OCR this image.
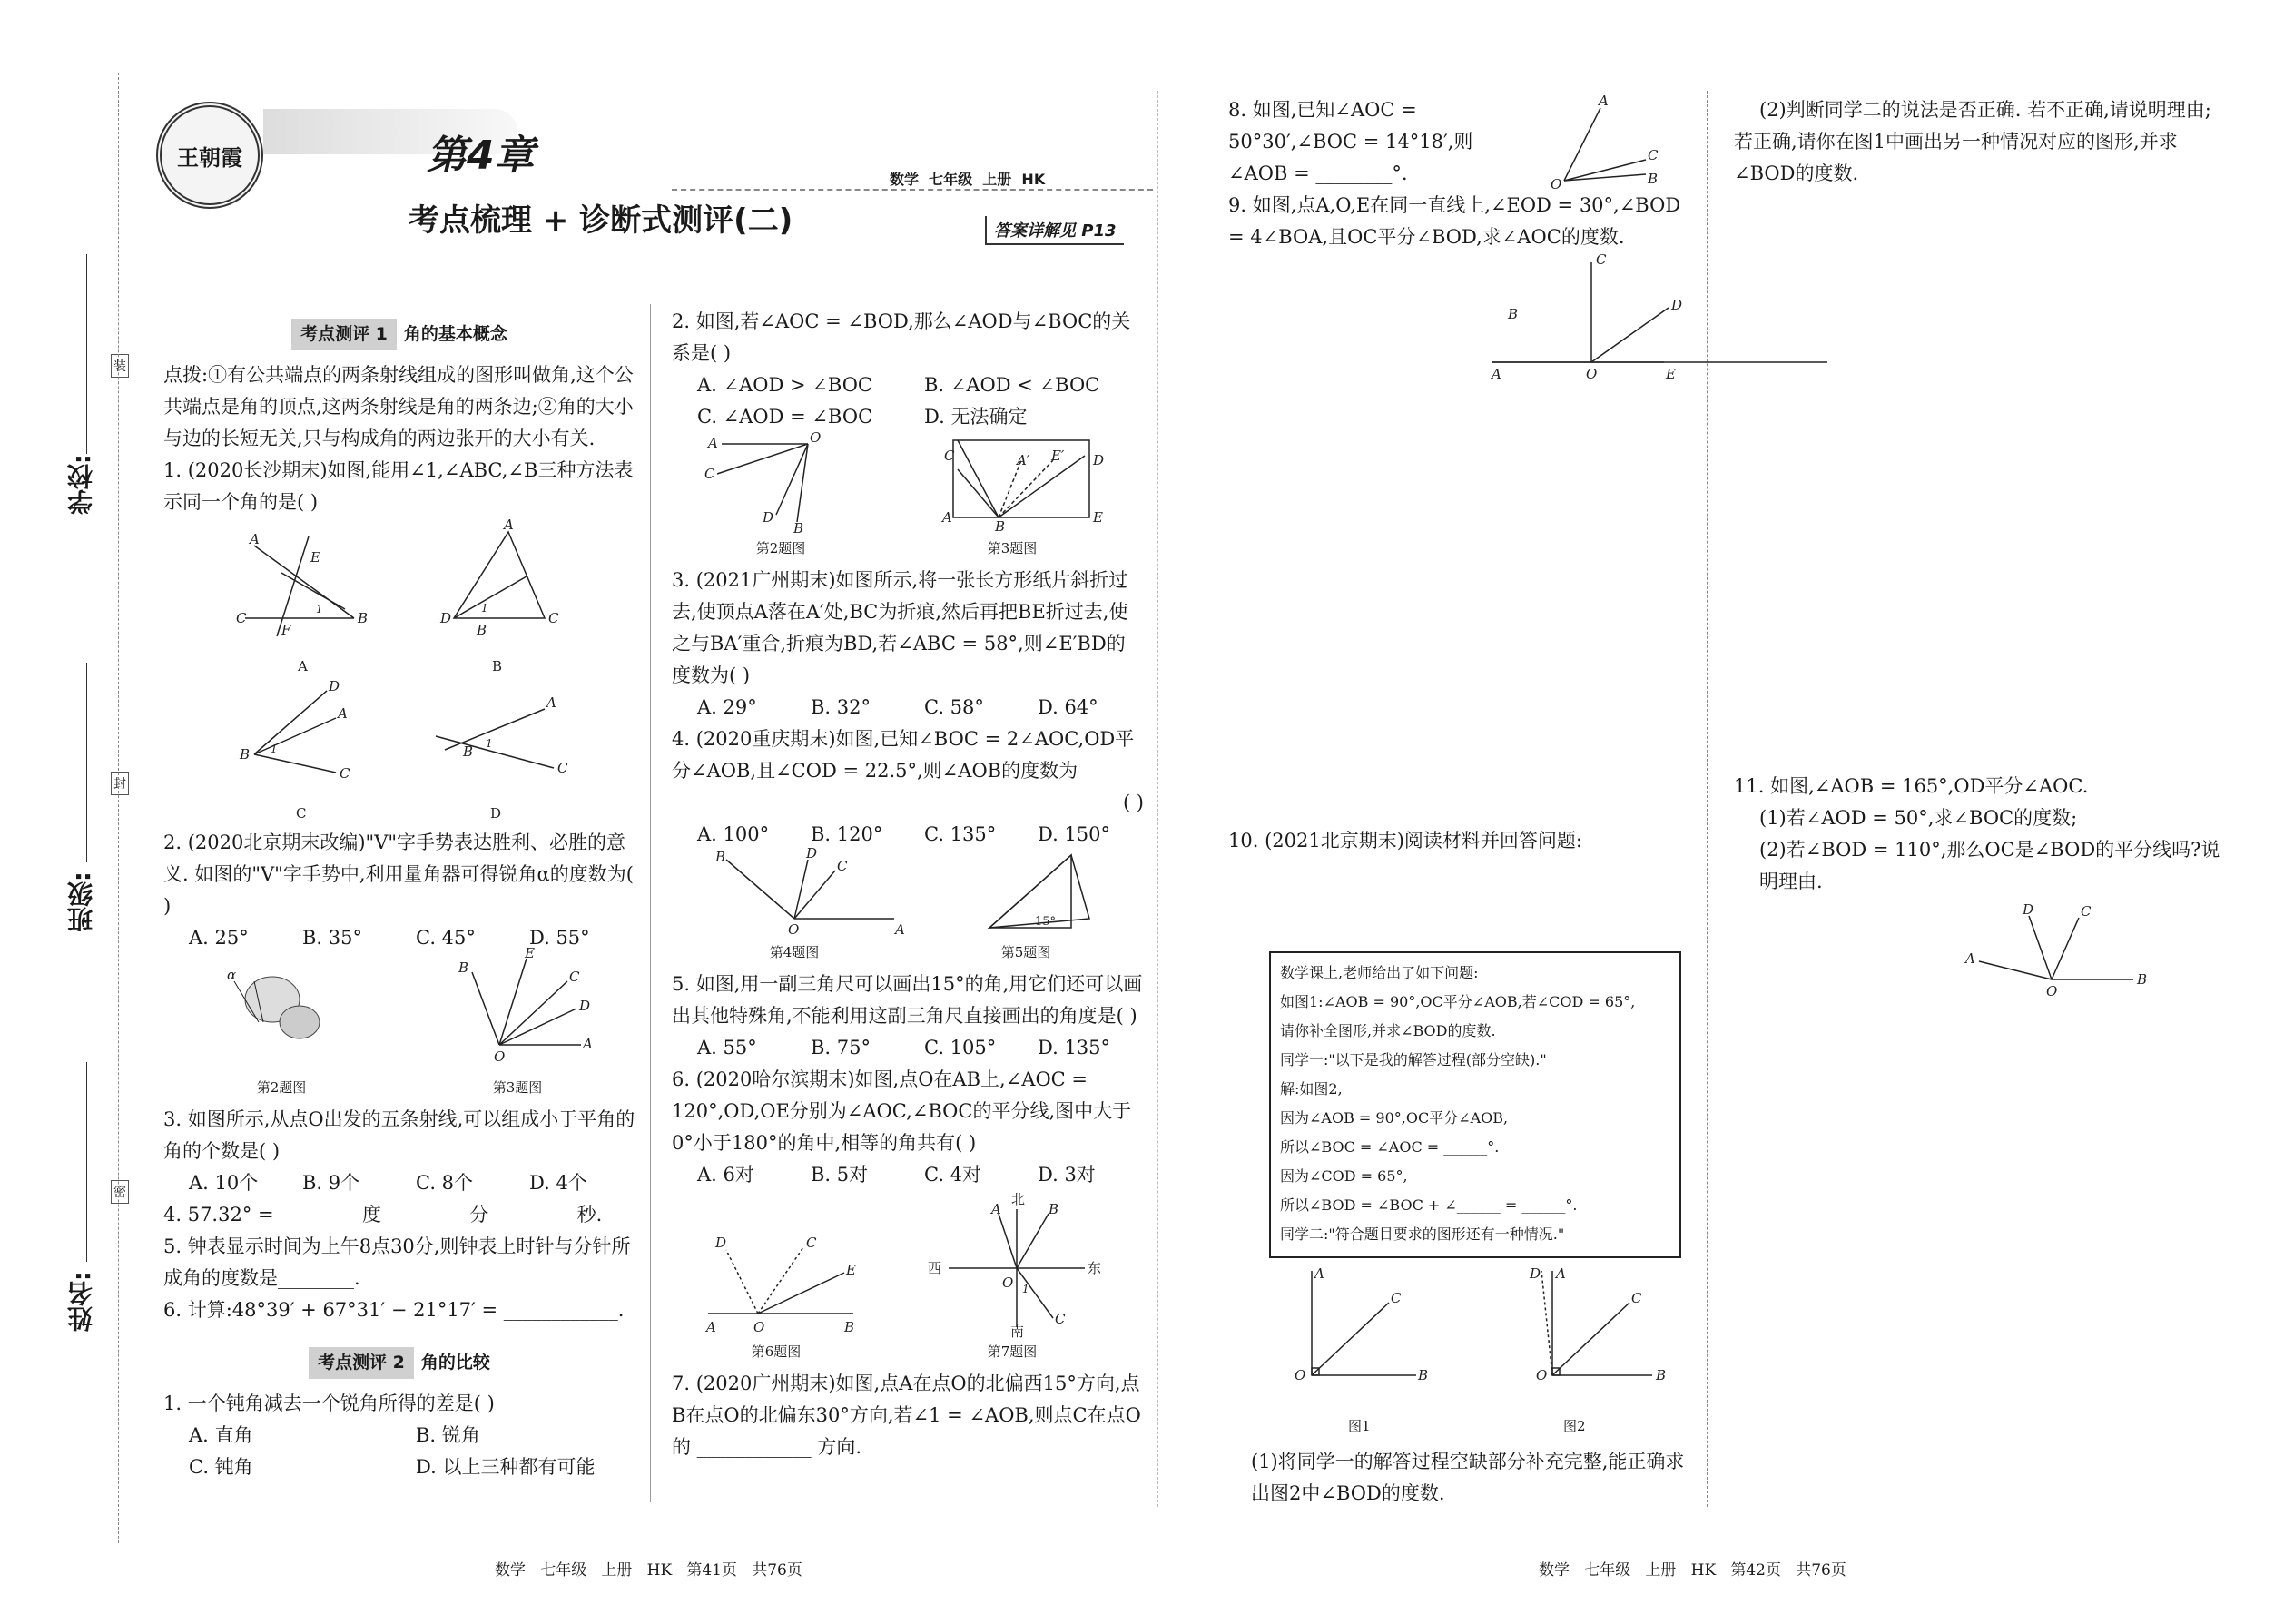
王朝霞	第4章
考点梳理 + 诊断式测评(二)
数学  七年级  上册  HK
答案详解见 P13
学校:
班级:
姓名:
装
封
密
考点测评 1 角的基本概念

点拨:①有公共端点的两条射线组成的图形叫做角,这个公共端点是角的顶点,这两条射线是角的两条边;②角的大小与边的长短无关,只与构成角的两边张开的大小有关.

1. (2020长沙期末)如图,能用∠1,∠ABC,∠B三种方法表示同一个角的是( )

A
E
C
F
B
1
A
A
D
B
C
1
B
D
A
B
C
1
C
A
C
B 1
D

2. (2020北京期末改编)"V"字手势表达胜利、必胜的意义. 如图的"V"字手势中,利用量角器可得锐角α的度数为( )

A. 25°	B. 35°	C. 45°	D. 55°
α	B
E
C
D
A
O
第2题图	第3题图

3. 如图所示,从点O出发的五条射线,可以组成小于平角的角的个数是( )

A. 10个	B. 9个	C. 8个	D. 4个

4. 57.32° = ________ 度 ________ 分 ________ 秒.

5. 钟表显示时间为上午8点30分,则钟表上时针与分针所成角的度数是________.

6. 计算:48°39′ + 67°31′ − 21°17′ = ____________.

考点测评 2 角的比较

1. 一个钝角减去一个锐角所得的差是( )

A. 直角	B. 锐角
C. 钝角	D. 以上三种都有可能

2. 如图,若∠AOC = ∠BOD,那么∠AOD与∠BOC的关系是( )

A. ∠AOD > ∠BOC	B. ∠AOD < ∠BOC
C. ∠AOD = ∠BOC	D. 无法确定
A	O
C
D
B
C	A′ E′ D
A
B
E
第2题图	第3题图

3. (2021广州期末)如图所示,将一张长方形纸片斜折过去,使顶点A落在A′处,BC为折痕,然后再把BE折过去,使之与BA′重合,折痕为BD,若∠ABC = 58°,则∠E′BD的度数为( )

A. 29°	B. 32°	C. 58°	D. 64°

4. (2020重庆期末)如图,已知∠BOC = 2∠AOC,OD平分∠AOB,且∠COD = 22.5°,则∠AOB的度数为

( )

A. 100°	B. 120°	C. 135°	D. 150°
B	D
C
O	A	15°
第4题图	第5题图

5. 如图,用一副三角尺可以画出15°的角,用它们还可以画出其他特殊角,不能利用这副三角尺直接画出的角度是( )

A. 55°	B. 75°	C. 105°	D. 135°

6. (2020哈尔滨期末)如图,点O在AB上,∠AOC = 120°,OD,OE分别为∠AOC,∠BOC的平分线,图中大于0°小于180°的角中,相等的角共有( )

A. 6对	B. 5对	C. 4对	D. 3对
D	C
E
A	O	B
北
A	B
西	东
O 1
C
南
第6题图	第7题图

7. (2020广州期末)如图,点A在点O的北偏西15°方向,点B在点O的北偏东30°方向,若∠1 = ∠AOB,则点C在点O的 ____________ 方向.

8. 如图,已知∠AOC = 50°30′,∠BOC = 14°18′,则∠AOB = ________°.

A
C
B
O

9. 如图,点A,O,E在同一直线上,∠EOD = 30°,∠BOD = 4∠BOA,且OC平分∠BOD,求∠AOC的度数.

B
C
D
A	O	E

10. (2021北京期末)阅读材料并回答问题:

数学课上,老师给出了如下问题:

如图1:∠AOB = 90°,OC平分∠AOB,若∠COD = 65°,

请你补全图形,并求∠BOD的度数.

同学一:"以下是我的解答过程(部分空缺)."

解:如图2,

因为∠AOB = 90°,OC平分∠AOB,

所以∠BOC = ∠AOC = ______°.

因为∠COD = 65°,

所以∠BOD = ∠BOC + ∠______ = ______°.

同学二:"符合题目要求的图形还有一种情况."

A
C
O	B
D A
C
O	B
图1	图2
(1)将同学一的解答过程空缺部分补充完整,能正确求出图2中∠BOD的度数.

(2)判断同学二的说法是否正确. 若不正确,请说明理由;若正确,请你在图1中画出另一种情况对应的图形,并求∠BOD的度数.

11. 如图,∠AOB = 165°,OD平分∠AOC.

(1)若∠AOD = 50°,求∠BOC的度数;

(2)若∠BOD = 110°,那么OC是∠BOD的平分线吗?说明理由.

A
D	C
O
B
数学   七年级   上册   HK   第41页   共76页	数学   七年级   上册   HK   第42页   共76页
